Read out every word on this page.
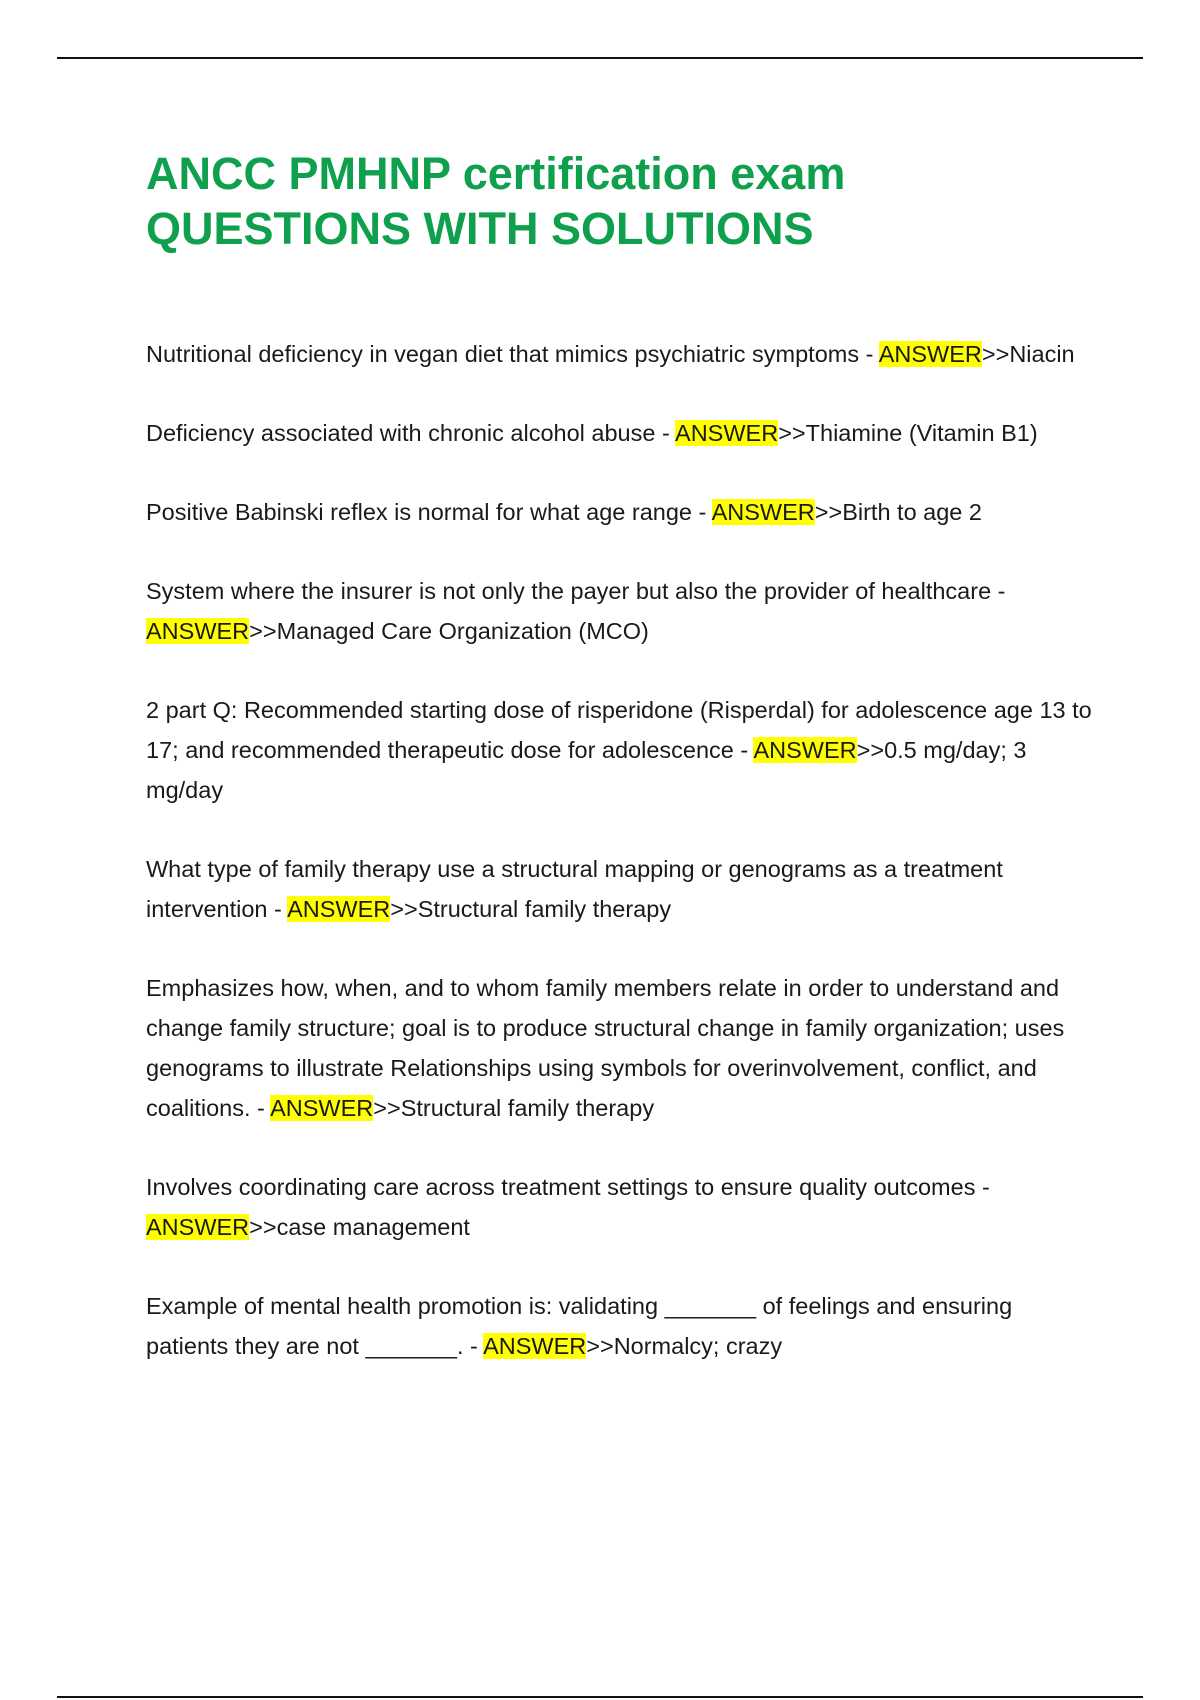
ANCC PMHNP certification exam
QUESTIONS WITH SOLUTIONS

Nutritional deficiency in vegan diet that mimics psychiatric symptoms - ANSWER>>Niacin

Deficiency associated with chronic alcohol abuse - ANSWER>>Thiamine (Vitamin B1)

Positive Babinski reflex is normal for what age range - ANSWER>>Birth to age 2

System where the insurer is not only the payer but also the provider of healthcare - ANSWER>>Managed Care Organization (MCO)

2 part Q: Recommended starting dose of risperidone (Risperdal) for adolescence age 13 to 17; and recommended therapeutic dose for adolescence - ANSWER>>0.5 mg/day; 3 mg/day

What type of family therapy use a structural mapping or genograms as a treatment intervention - ANSWER>>Structural family therapy

Emphasizes how, when, and to whom family members relate in order to understand and change family structure; goal is to produce structural change in family organization; uses genograms to illustrate Relationships using symbols for overinvolvement, conflict, and coalitions. - ANSWER>>Structural family therapy

Involves coordinating care across treatment settings to ensure quality outcomes - ANSWER>>case management

Example of mental health promotion is: validating _______ of feelings and ensuring patients they are not _______. - ANSWER>>Normalcy; crazy
